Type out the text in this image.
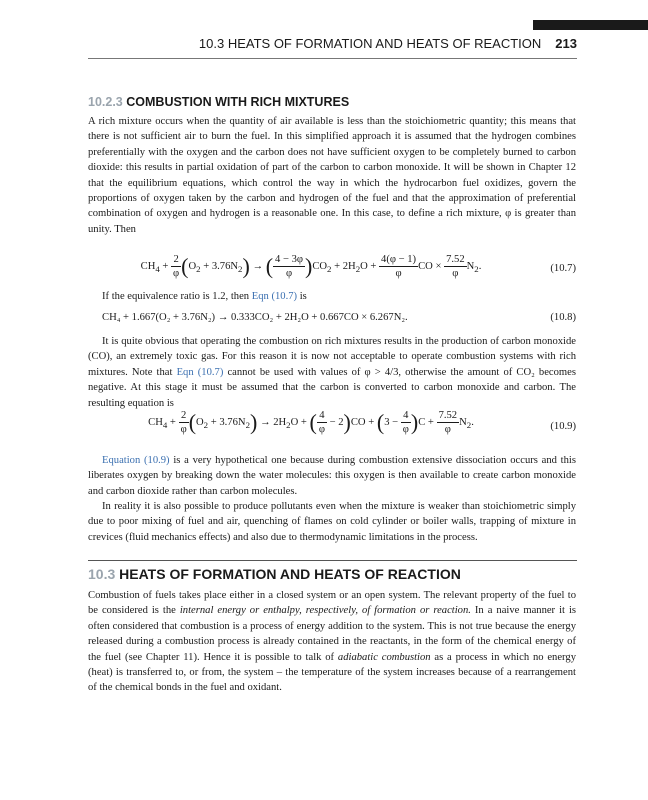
10.3 HEATS OF FORMATION AND HEATS OF REACTION 213
10.2.3 COMBUSTION WITH RICH MIXTURES

A rich mixture occurs when the quantity of air available is less than the stoichiometric quantity; this means that there is not sufficient air to burn the fuel. In this simplified approach it is assumed that the hydrogen combines preferentially with the oxygen and the carbon does not have sufficient oxygen to be completely burned to carbon dioxide: this results in partial oxidation of part of the carbon to carbon monoxide. It will be shown in Chapter 12 that the equilibrium equations, which control the way in which the hydrocarbon fuel oxidizes, govern the proportions of oxygen taken by the carbon and hydrogen of the fuel and that the approximation of preferential combination of oxygen and hydrogen is a reasonable one. In this case, to define a rich mixture, φ is greater than unity. Then

$CH_4 + \frac{2}{\varphi} (O_2 + 3.76N_2)$ → ( $\frac{4 - 3\varphi}{\varphi} )CO_2 + 2H_2O + \frac{4(\varphi - 1)}{\varphi}$ CO × $\frac{7.52}{\varphi} N_2$.	(10.7)
If the equivalence ratio is 1.2, then Eqn (10.7) is
CH₄ + 1.667(O₂ + 3.76N₂) → 0.333CO₂ + 2H₂O + 0.667CO × 6.267N₂.	(10.8)

It is quite obvious that operating the combustion on rich mixtures results in the production of carbon monoxide (CO), an extremely toxic gas. For this reason it is now not acceptable to operate combustion systems with rich mixtures. Note that Eqn (10.7) cannot be used with values of φ > 4/3, otherwise the amount of CO₂ becomes negative. At this stage it must be assumed that the carbon is converted to carbon monoxide and carbon. The resulting equation is

$CH_4 + \frac{2}{\varphi} (O_2 + 3.76N_2) \to 2H_2O$ + ( $\frac{4}{\varphi} - 2)CO + (3 - \frac{4}{\varphi} )C + \frac{7.52}{\varphi} N_2$.	(10.9)

Equation (10.9) is a very hypothetical one because during combustion extensive dissociation occurs and this liberates oxygen by breaking down the water molecules: this oxygen is then available to create carbon monoxide and carbon dioxide rather than carbon molecules.

In reality it is also possible to produce pollutants even when the mixture is weaker than stoichiometric simply due to poor mixing of fuel and air, quenching of flames on cold cylinder or boiler walls, trapping of mixture in crevices (fluid mechanics effects) and also due to thermodynamic limitations in the process.

10.3 HEATS OF FORMATION AND HEATS OF REACTION

Combustion of fuels takes place either in a closed system or an open system. The relevant property of the fuel to be considered is the internal energy or enthalpy, respectively, of formation or reaction. In a naive manner it is often considered that combustion is a process of energy addition to the system. This is not true because the energy released during a combustion process is already contained in the reactants, in the form of the chemical energy of the fuel (see Chapter 11). Hence it is possible to talk of adiabatic combustion as a process in which no energy (heat) is transferred to, or from, the system – the temperature of the system increases because of a rearrangement of the chemical bonds in the fuel and oxidant.
